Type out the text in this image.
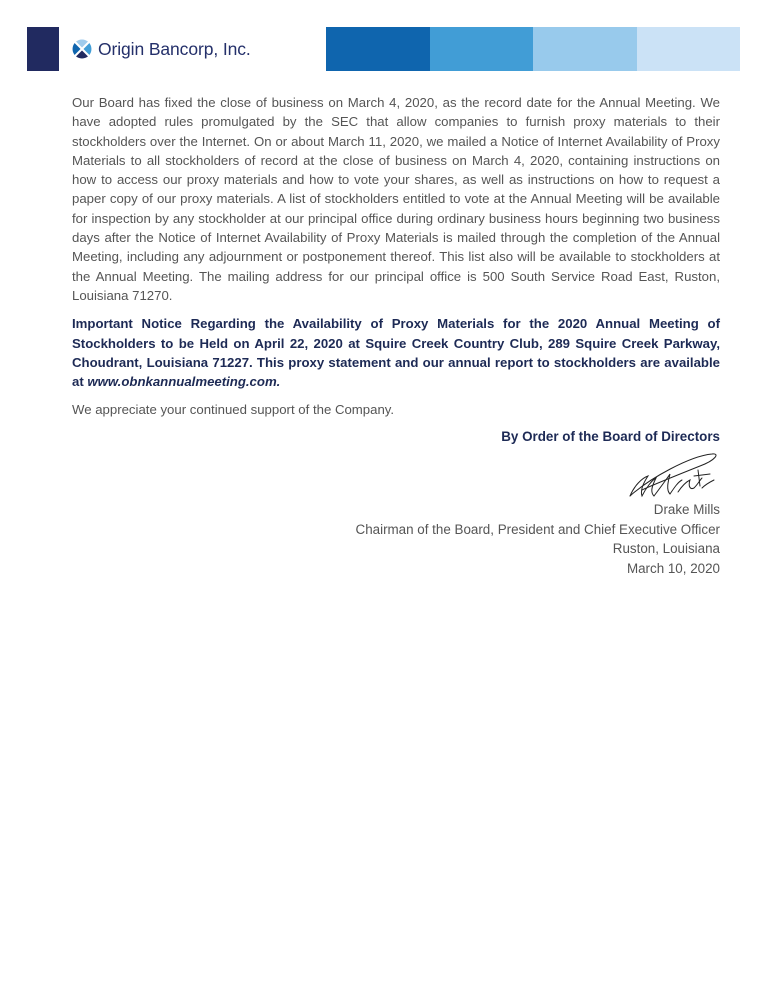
Origin Bancorp, Inc.

Our Board has fixed the close of business on March 4, 2020, as the record date for the Annual Meeting. We have adopted rules promulgated by the SEC that allow companies to furnish proxy materials to their stockholders over the Internet. On or about March 11, 2020, we mailed a Notice of Internet Availability of Proxy Materials to all stockholders of record at the close of business on March 4, 2020, containing instructions on how to access our proxy materials and how to vote your shares, as well as instructions on how to request a paper copy of our proxy materials. A list of stockholders entitled to vote at the Annual Meeting will be available for inspection by any stockholder at our principal office during ordinary business hours beginning two business days after the Notice of Internet Availability of Proxy Materials is mailed through the completion of the Annual Meeting, including any adjournment or postponement thereof. This list also will be available to stockholders at the Annual Meeting. The mailing address for our principal office is 500 South Service Road East, Ruston, Louisiana 71270.

Important Notice Regarding the Availability of Proxy Materials for the 2020 Annual Meeting of Stockholders to be Held on April 22, 2020 at Squire Creek Country Club, 289 Squire Creek Parkway, Choudrant, Louisiana 71227. This proxy statement and our annual report to stockholders are available at www.obnkannualmeeting.com.

We appreciate your continued support of the Company.

By Order of the Board of Directors
Drake Mills
Chairman of the Board, President and Chief Executive Officer
Ruston, Louisiana
March 10, 2020
